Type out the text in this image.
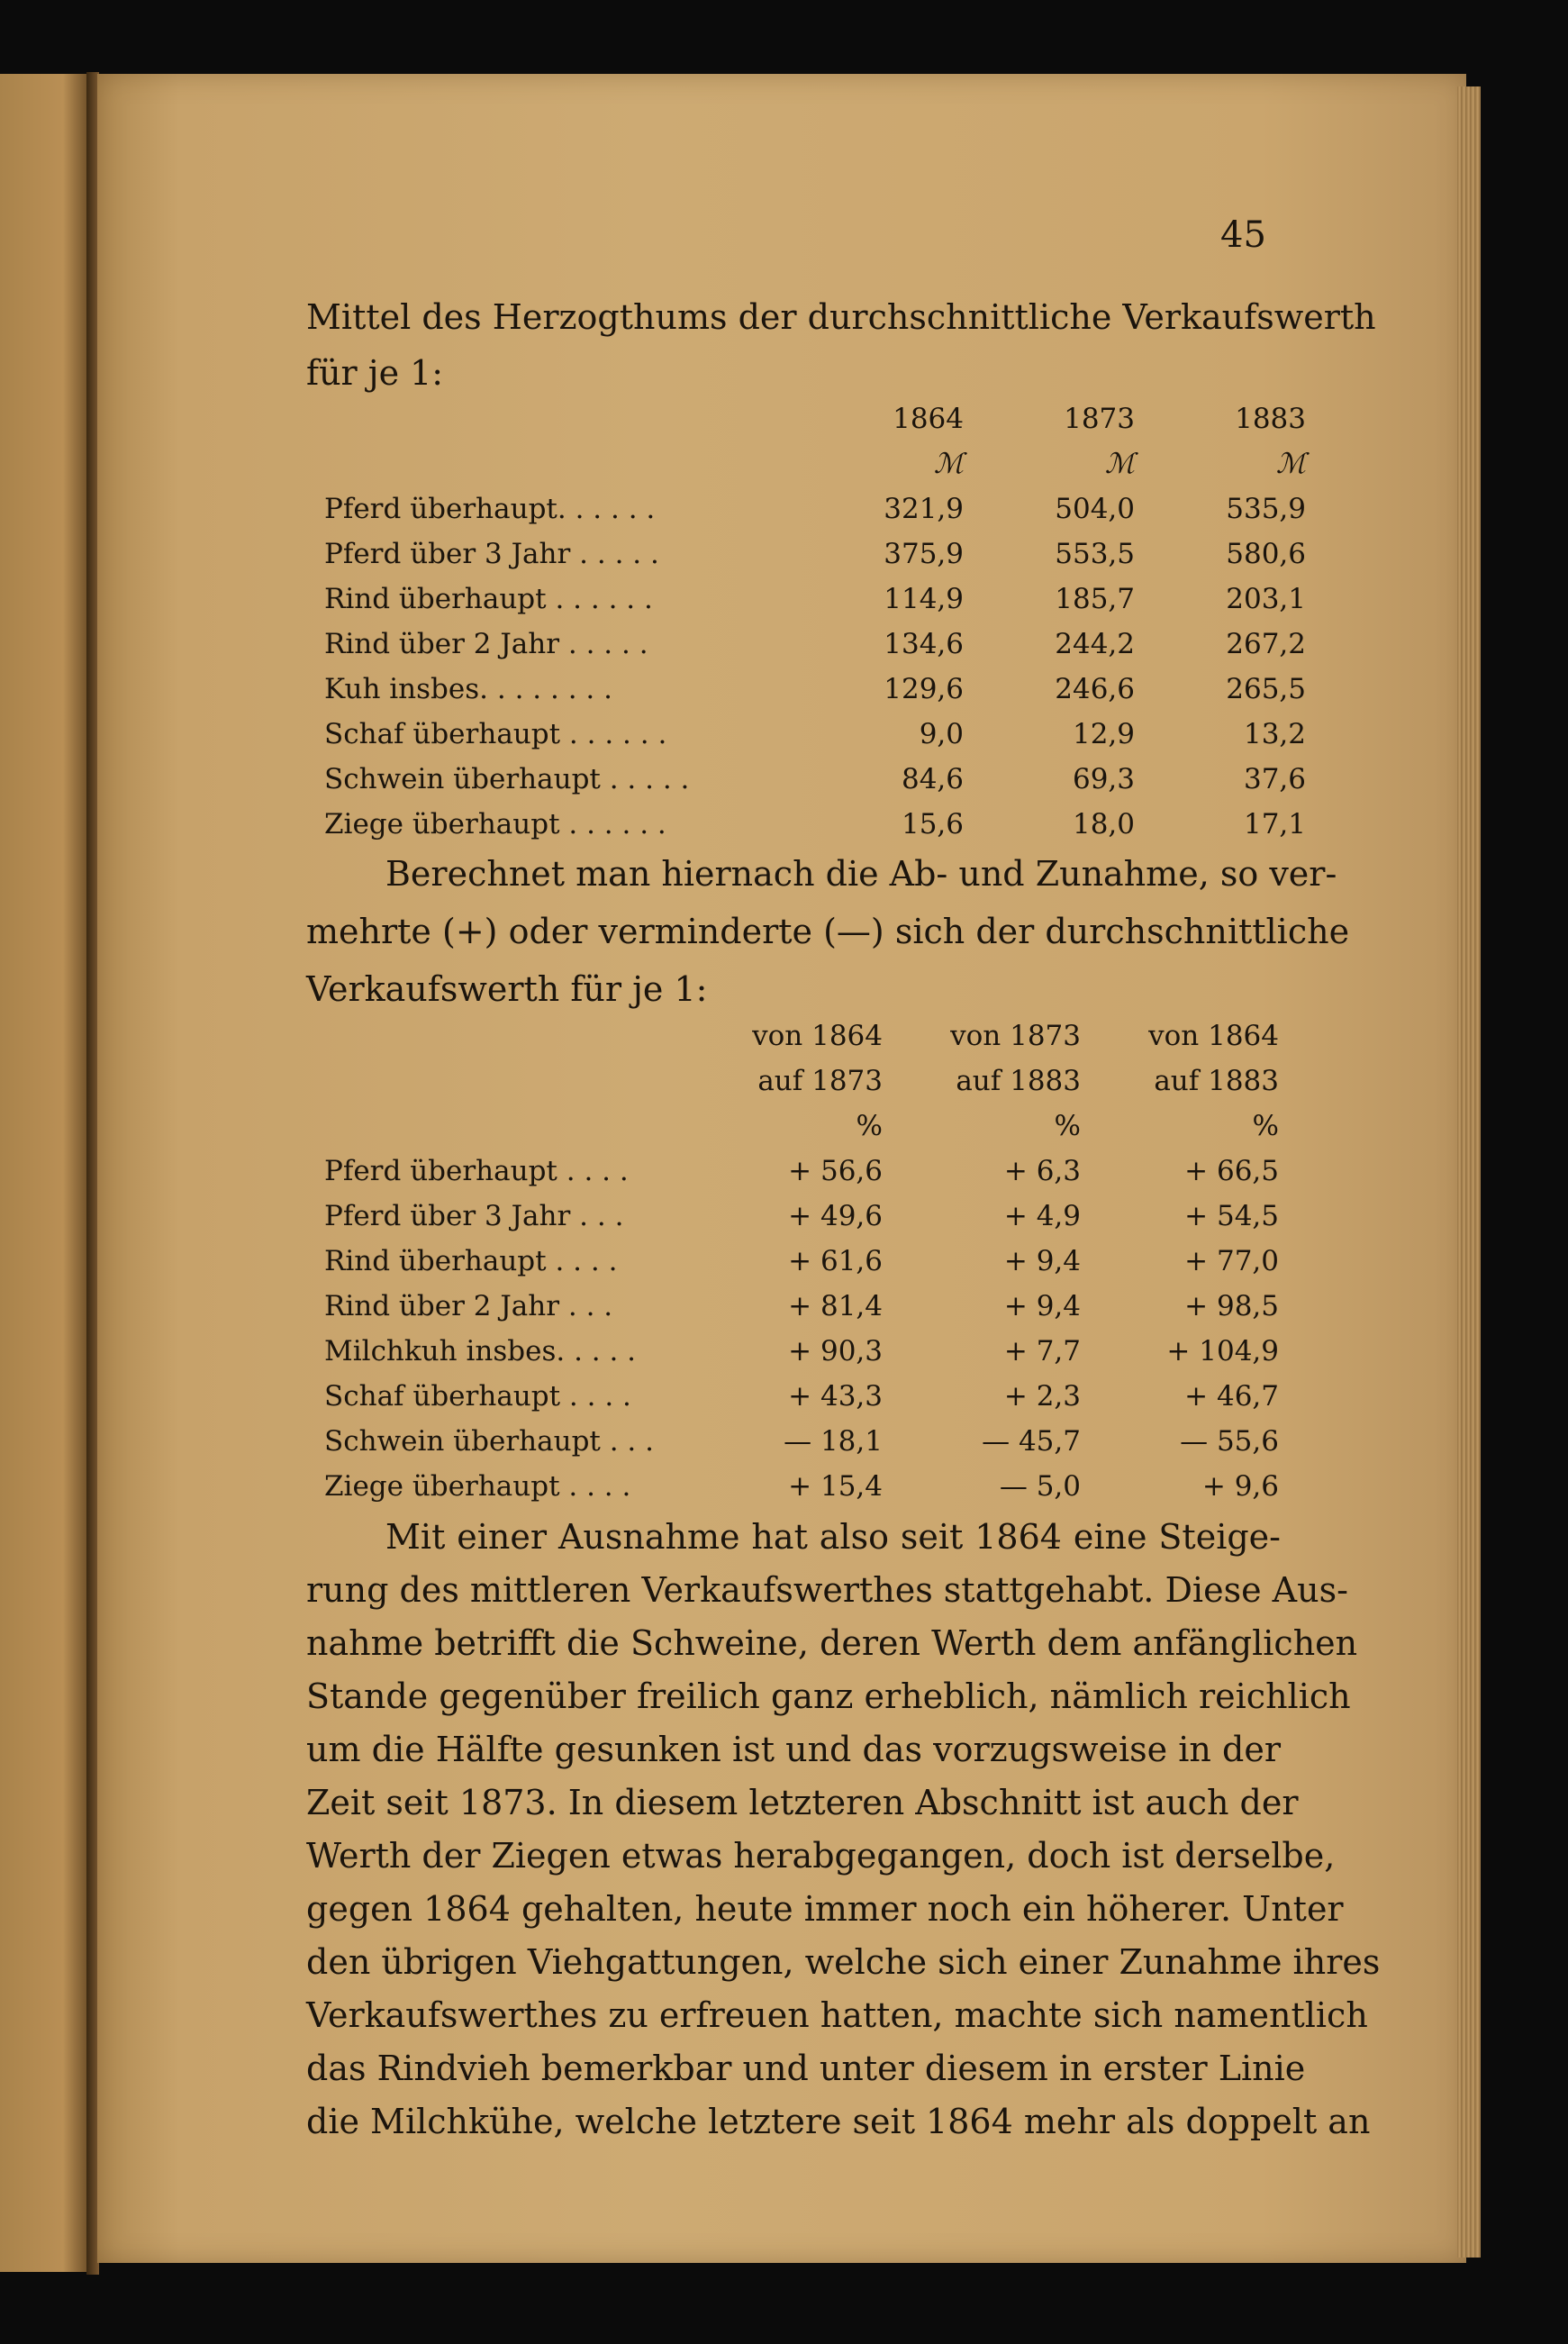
45
Mittel des Herzogthums der durchschnittliche Verkaufswerth
für je 1:
	1864	1873	1883
	ℳ	ℳ	ℳ
Pferd überhaupt. . . . . .	321,9	504,0	535,9
Pferd über 3 Jahr . . . . .	375,9	553,5	580,6
Rind überhaupt . . . . . .	114,9	185,7	203,1
Rind über 2 Jahr . . . . .	134,6	244,2	267,2
Kuh insbes. . . . . . . .	129,6	246,6	265,5
Schaf überhaupt . . . . . .	9,0	12,9	13,2
Schwein überhaupt . . . . .	84,6	69,3	37,6
Ziege überhaupt . . . . . .	15,6	18,0	17,1
Berechnet man hiernach die Ab- und Zunahme, so ver-
mehrte (+) oder verminderte (—) sich der durchschnittliche
Verkaufswerth für je 1:
	von 1864	von 1873	von 1864
	auf 1873	auf 1883	auf 1883
	%	%	%
Pferd überhaupt . . . .	+ 56,6	+ 6,3	+ 66,5
Pferd über 3 Jahr . . .	+ 49,6	+ 4,9	+ 54,5
Rind überhaupt . . . .	+ 61,6	+ 9,4	+ 77,0
Rind über 2 Jahr . . .	+ 81,4	+ 9,4	+ 98,5
Milchkuh insbes. . . . .	+ 90,3	+ 7,7	+ 104,9
Schaf überhaupt . . . .	+ 43,3	+ 2,3	+ 46,7
Schwein überhaupt . . .	— 18,1	— 45,7	— 55,6
Ziege überhaupt . . . .	+ 15,4	— 5,0	+ 9,6
Mit einer Ausnahme hat also seit 1864 eine Steige-
rung des mittleren Verkaufswerthes stattgehabt. Diese Aus-
nahme betrifft die Schweine, deren Werth dem anfänglichen
Stande gegenüber freilich ganz erheblich, nämlich reichlich
um die Hälfte gesunken ist und das vorzugsweise in der
Zeit seit 1873. In diesem letzteren Abschnitt ist auch der
Werth der Ziegen etwas herabgegangen, doch ist derselbe,
gegen 1864 gehalten, heute immer noch ein höherer. Unter
den übrigen Viehgattungen, welche sich einer Zunahme ihres
Verkaufswerthes zu erfreuen hatten, machte sich namentlich
das Rindvieh bemerkbar und unter diesem in erster Linie
die Milchkühe, welche letztere seit 1864 mehr als doppelt an
